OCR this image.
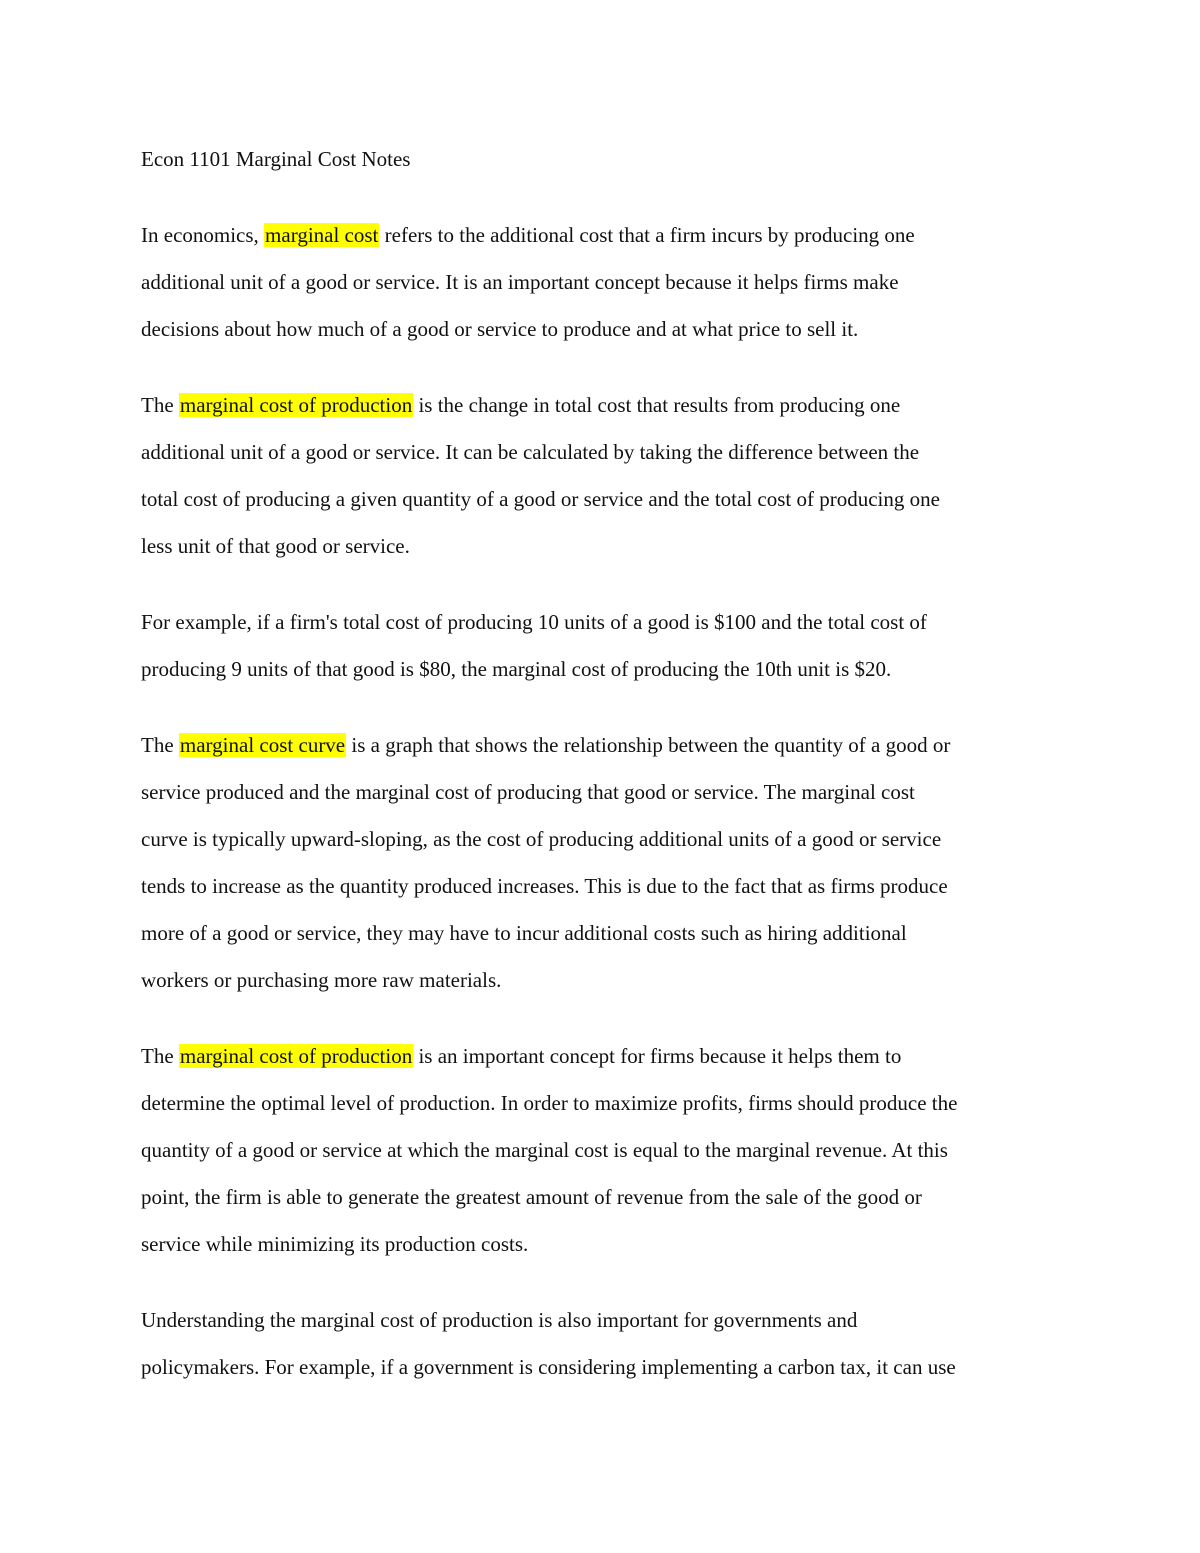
Econ 1101 Marginal Cost Notes

In economics, marginal cost refers to the additional cost that a firm incurs by producing one
additional unit of a good or service. It is an important concept because it helps firms make
decisions about how much of a good or service to produce and at what price to sell it.

The marginal cost of production is the change in total cost that results from producing one
additional unit of a good or service. It can be calculated by taking the difference between the
total cost of producing a given quantity of a good or service and the total cost of producing one
less unit of that good or service.

For example, if a firm's total cost of producing 10 units of a good is $100 and the total cost of
producing 9 units of that good is $80, the marginal cost of producing the 10th unit is $20.

The marginal cost curve is a graph that shows the relationship between the quantity of a good or
service produced and the marginal cost of producing that good or service. The marginal cost
curve is typically upward-sloping, as the cost of producing additional units of a good or service
tends to increase as the quantity produced increases. This is due to the fact that as firms produce
more of a good or service, they may have to incur additional costs such as hiring additional
workers or purchasing more raw materials.

The marginal cost of production is an important concept for firms because it helps them to
determine the optimal level of production. In order to maximize profits, firms should produce the
quantity of a good or service at which the marginal cost is equal to the marginal revenue. At this
point, the firm is able to generate the greatest amount of revenue from the sale of the good or
service while minimizing its production costs.

Understanding the marginal cost of production is also important for governments and
policymakers. For example, if a government is considering implementing a carbon tax, it can use
